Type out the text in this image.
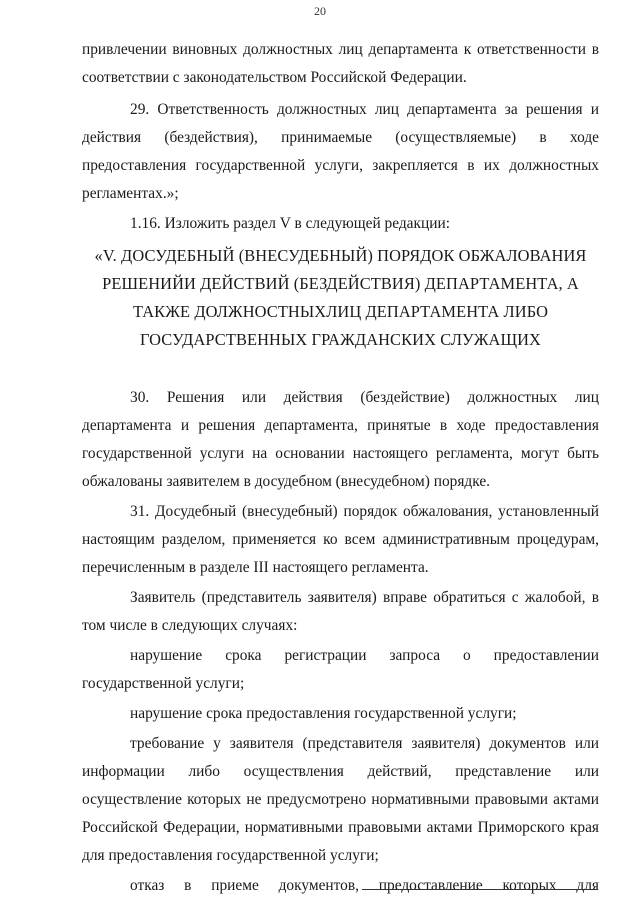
20

привлечении виновных должностных лиц департамента к ответственности в соответствии с законодательством Российской Федерации.

29. Ответственность должностных лиц департамента за решения и действия (бездействия), принимаемые (осуществляемые) в ходе предоставления государственной услуги, закрепляется в их должностных регламентах.»;

1.16. Изложить раздел V в следующей редакции:

«V. ДОСУДЕБНЫЙ (ВНЕСУДЕБНЫЙ) ПОРЯДОК ОБЖАЛОВАНИЯ РЕШЕНИЙИ ДЕЙСТВИЙ (БЕЗДЕЙСТВИЯ) ДЕПАРТАМЕНТА, А ТАКЖЕ ДОЛЖНОСТНЫХЛИЦ ДЕПАРТАМЕНТА ЛИБО ГОСУДАРСТВЕННЫХ ГРАЖДАНСКИХ СЛУЖАЩИХ

30. Решения или действия (бездействие) должностных лиц департамента и решения департамента, принятые в ходе предоставления государственной услуги на основании настоящего регламента, могут быть обжалованы заявителем в досудебном (внесудебном) порядке.

31. Досудебный (внесудебный) порядок обжалования, установленный настоящим разделом, применяется ко всем административным процедурам, перечисленным в разделе III настоящего регламента.

Заявитель (представитель заявителя) вправе обратиться с жалобой, в том числе в следующих случаях:

нарушение срока регистрации запроса о предоставлении государственной услуги;

нарушение срока предоставления государственной услуги;

требование у заявителя (представителя заявителя) документов или информации либо осуществления действий, представление или осуществление которых не предусмотрено нормативными правовыми актами Российской Федерации, нормативными правовыми актами Приморского края для предоставления государственной услуги;

отказ в приеме документов, предоставление которых для
